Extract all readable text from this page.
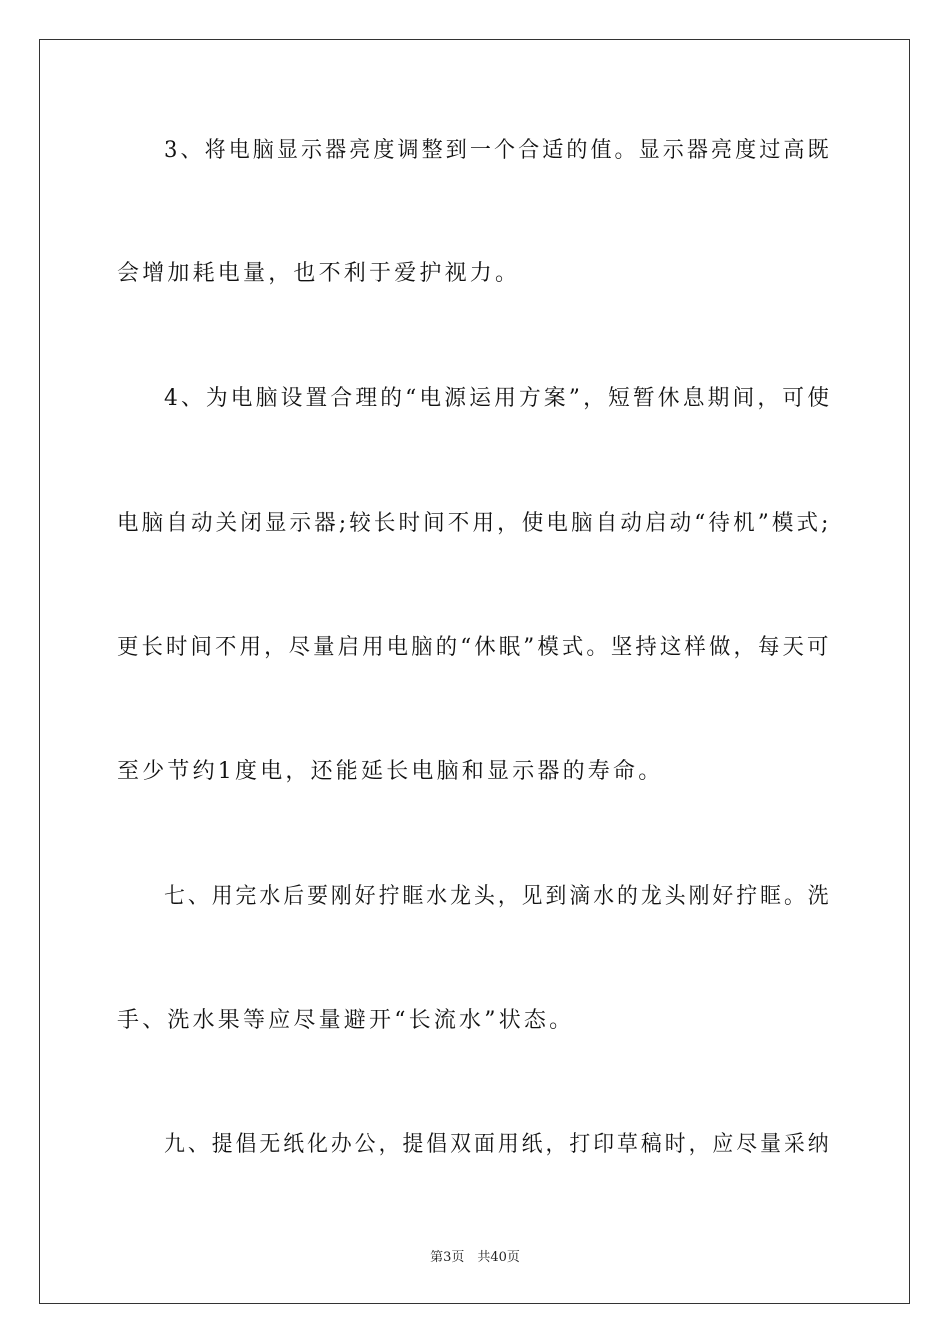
3、将电脑显示器亮度调整到一个合适的值。显示器亮度过高既
会增加耗电量，也不利于爱护视力。
4、为电脑设置合理的“电源运用方案”，短暂休息期间，可使
电脑自动关闭显示器;较长时间不用，使电脑自动启动“待机”模式;
更长时间不用，尽量启用电脑的“休眠”模式。坚持这样做，每天可
至少节约1度电，还能延长电脑和显示器的寿命。
七、用完水后要刚好拧眶水龙头，见到滴水的龙头刚好拧眶。洗
手、洗水果等应尽量避开“长流水”状态。
九、提倡无纸化办公，提倡双面用纸，打印草稿时，应尽量采纳
第3页　共40页
